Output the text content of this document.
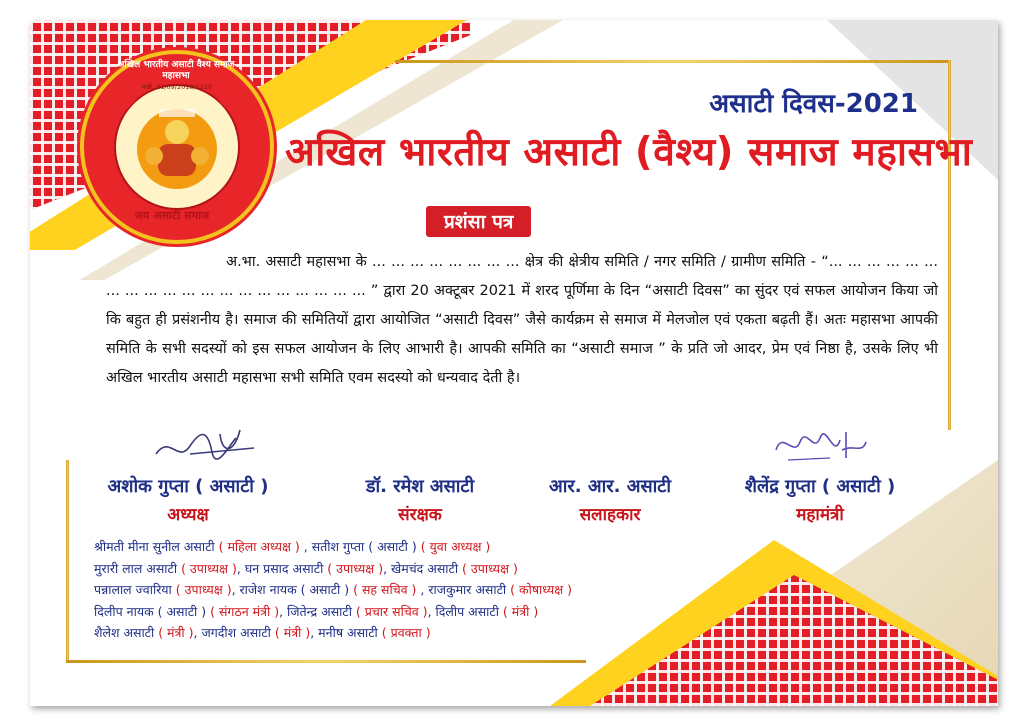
अखिल भारतीय असाटी वैश्य समाज महासभा
पंजी. 21/09/2018/1210
जय असाटी समाज
असाटी दिवस-2021
अखिल भारतीय असाटी (वैश्य) समाज महासभा
प्रशंसा पत्र
अ.भा. असाटी महासभा के ... ... ... ... ... ... ... ... क्षेत्र की क्षेत्रीय समिति / नगर समिति / ग्रामीण समिति - “... ... ... ... ... ... ... ... ... ... ... ... ... ... ... ... ... ... ... ... ” द्वारा 20 अक्टूबर 2021 में शरद पूर्णिमा के दिन “असाटी दिवस” का सुंदर एवं सफल आयोजन किया जो कि बहुत ही प्रसंशनीय है। समाज की समितियों द्वारा आयोजित “असाटी दिवस” जैसे कार्यक्रम से समाज में मेलजोल एवं एकता बढ़ती हैं। अतः महासभा आपकी समिति के सभी सदस्यों को इस सफल आयोजन के लिए आभारी है। आपकी समिति का “असाटी समाज ” के प्रति जो आदर, प्रेम एवं निष्ठा है, उसके लिए भी अखिल भारतीय असाटी महासभा सभी समिति एवम सदस्यो को धन्यवाद देती है।
अशोक गुप्ता ( असाटी )
अध्यक्ष
डॉ. रमेश असाटी
संरक्षक
आर. आर. असाटी
सलाहकार
शैलेंद्र गुप्ता ( असाटी )
महामंत्री
श्रीमती मीना सुनील असाटी ( महिला अध्यक्ष ) , सतीश गुप्ता ( असाटी ) ( युवा अध्यक्ष )
मुरारी लाल असाटी ( उपाध्यक्ष ), घन प्रसाद असाटी ( उपाध्यक्ष ), खेमचंद असाटी ( उपाध्यक्ष )
पन्नालाल ज्वारिया ( उपाध्यक्ष ), राजेश नायक ( असाटी ) ( सह सचिव ) , राजकुमार असाटी ( कोषाध्यक्ष )
दिलीप नायक ( असाटी ) ( संगठन मंत्री ), जितेन्द्र असाटी ( प्रचार सचिव ), दिलीप असाटी ( मंत्री )
शैलेश असाटी ( मंत्री ), जगदीश असाटी ( मंत्री ), मनीष असाटी ( प्रवक्ता )
